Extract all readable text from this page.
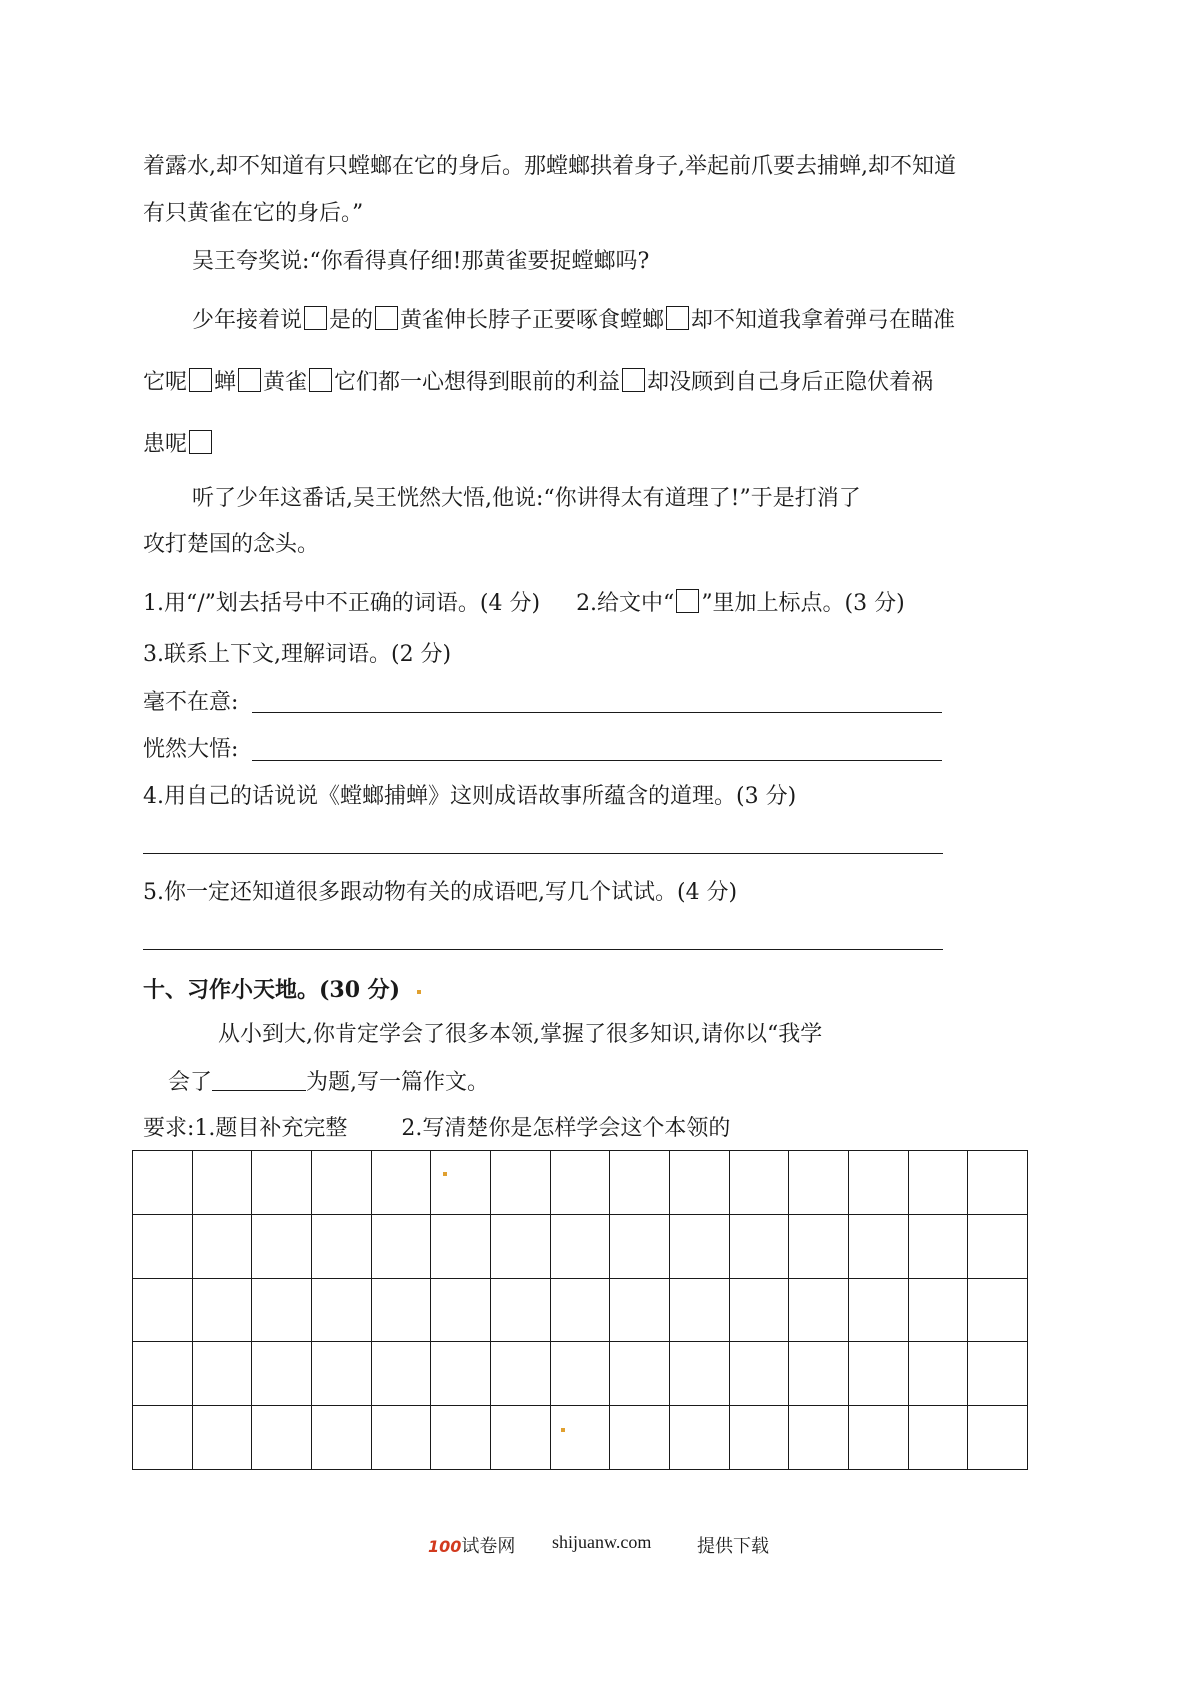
着露水,却不知道有只螳螂在它的身后。那螳螂拱着身子,举起前爪要去捕蝉,却不知道
有只黄雀在它的身后。”
吴王夸奖说:“你看得真仔细!那黄雀要捉螳螂吗?
少年接着说 是的 黄雀伸长脖子正要啄食螳螂 却不知道我拿着弹弓在瞄准
它呢 蝉 黄雀 它们都一心想得到眼前的利益 却没顾到自己身后正隐伏着祸
患呢
听了少年这番话,吴王恍然大悟,他说:“你讲得太有道理了!”于是打消了
攻打楚国的念头。
1.用“/”划去括号中不正确的词语。(4 分) 2.给文中“ ”里加上标点。(3 分)
3.联系上下文,理解词语。(2 分)
毫不在意:
恍然大悟:
4.用自己的话说说《螳螂捕蝉》这则成语故事所蕴含的道理。(3 分)
5.你一定还知道很多跟动物有关的成语吧,写几个试试。(4 分)
十、习作小天地。(30 分)
从小到大,你肯定学会了很多本领,掌握了很多知识,请你以“我学
会了	为题,写一篇作文。
要求:1.题目补充完整 2.写清楚你是怎样学会这个本领的

100试卷网 shijuanw.com	提供下载
